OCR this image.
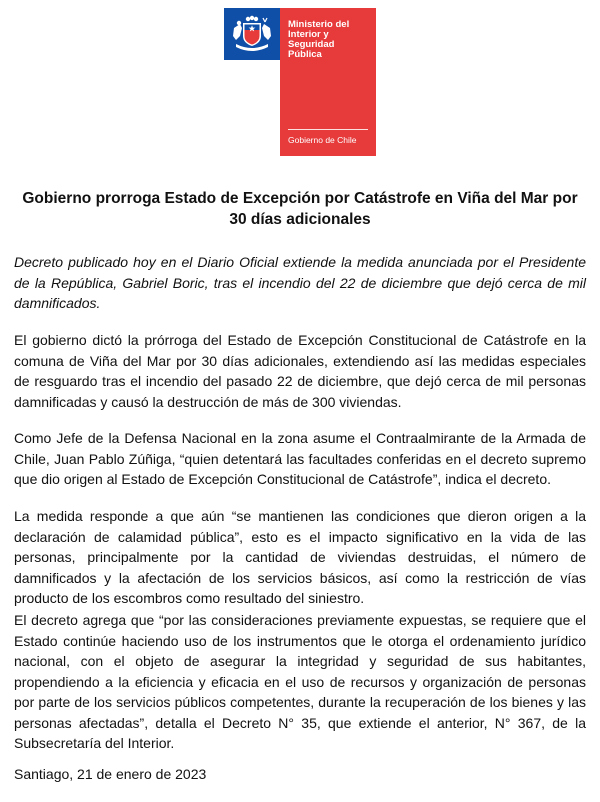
Ministerio del
Interior y
Seguridad
Pública
Gobierno de Chile
Gobierno prorroga Estado de Excepción por Catástrofe en Viña del Mar por 30 días adicionales

Decreto publicado hoy en el Diario Oficial extiende la medida anunciada por el Presidente de la República, Gabriel Boric, tras el incendio del 22 de diciembre que dejó cerca de mil damnificados.

El gobierno dictó la prórroga del Estado de Excepción Constitucional de Catástrofe en la comuna de Viña del Mar por 30 días adicionales, extendiendo así las medidas especiales de resguardo tras el incendio del pasado 22 de diciembre, que dejó cerca de mil personas damnificadas y causó la destrucción de más de 300 viviendas.

Como Jefe de la Defensa Nacional en la zona asume el Contraalmirante de la Armada de Chile, Juan Pablo Zúñiga, “quien detentará las facultades conferidas en el decreto supremo que dio origen al Estado de Excepción Constitucional de Catástrofe”, indica el decreto.

La medida responde a que aún “se mantienen las condiciones que dieron origen a la declaración de calamidad pública”, esto es el impacto significativo en la vida de las personas, principalmente por la cantidad de viviendas destruidas, el número de damnificados y la afectación de los servicios básicos, así como la restricción de vías producto de los escombros como resultado del siniestro.

El decreto agrega que “por las consideraciones previamente expuestas, se requiere que el Estado continúe haciendo uso de los instrumentos que le otorga el ordenamiento jurídico nacional, con el objeto de asegurar la integridad y seguridad de sus habitantes, propendiendo a la eficiencia y eficacia en el uso de recursos y organización de personas por parte de los servicios públicos competentes, durante la recuperación de los bienes y las personas afectadas”, detalla el Decreto N° 35, que extiende el anterior, N° 367, de la Subsecretaría del Interior.

Santiago, 21 de enero de 2023
